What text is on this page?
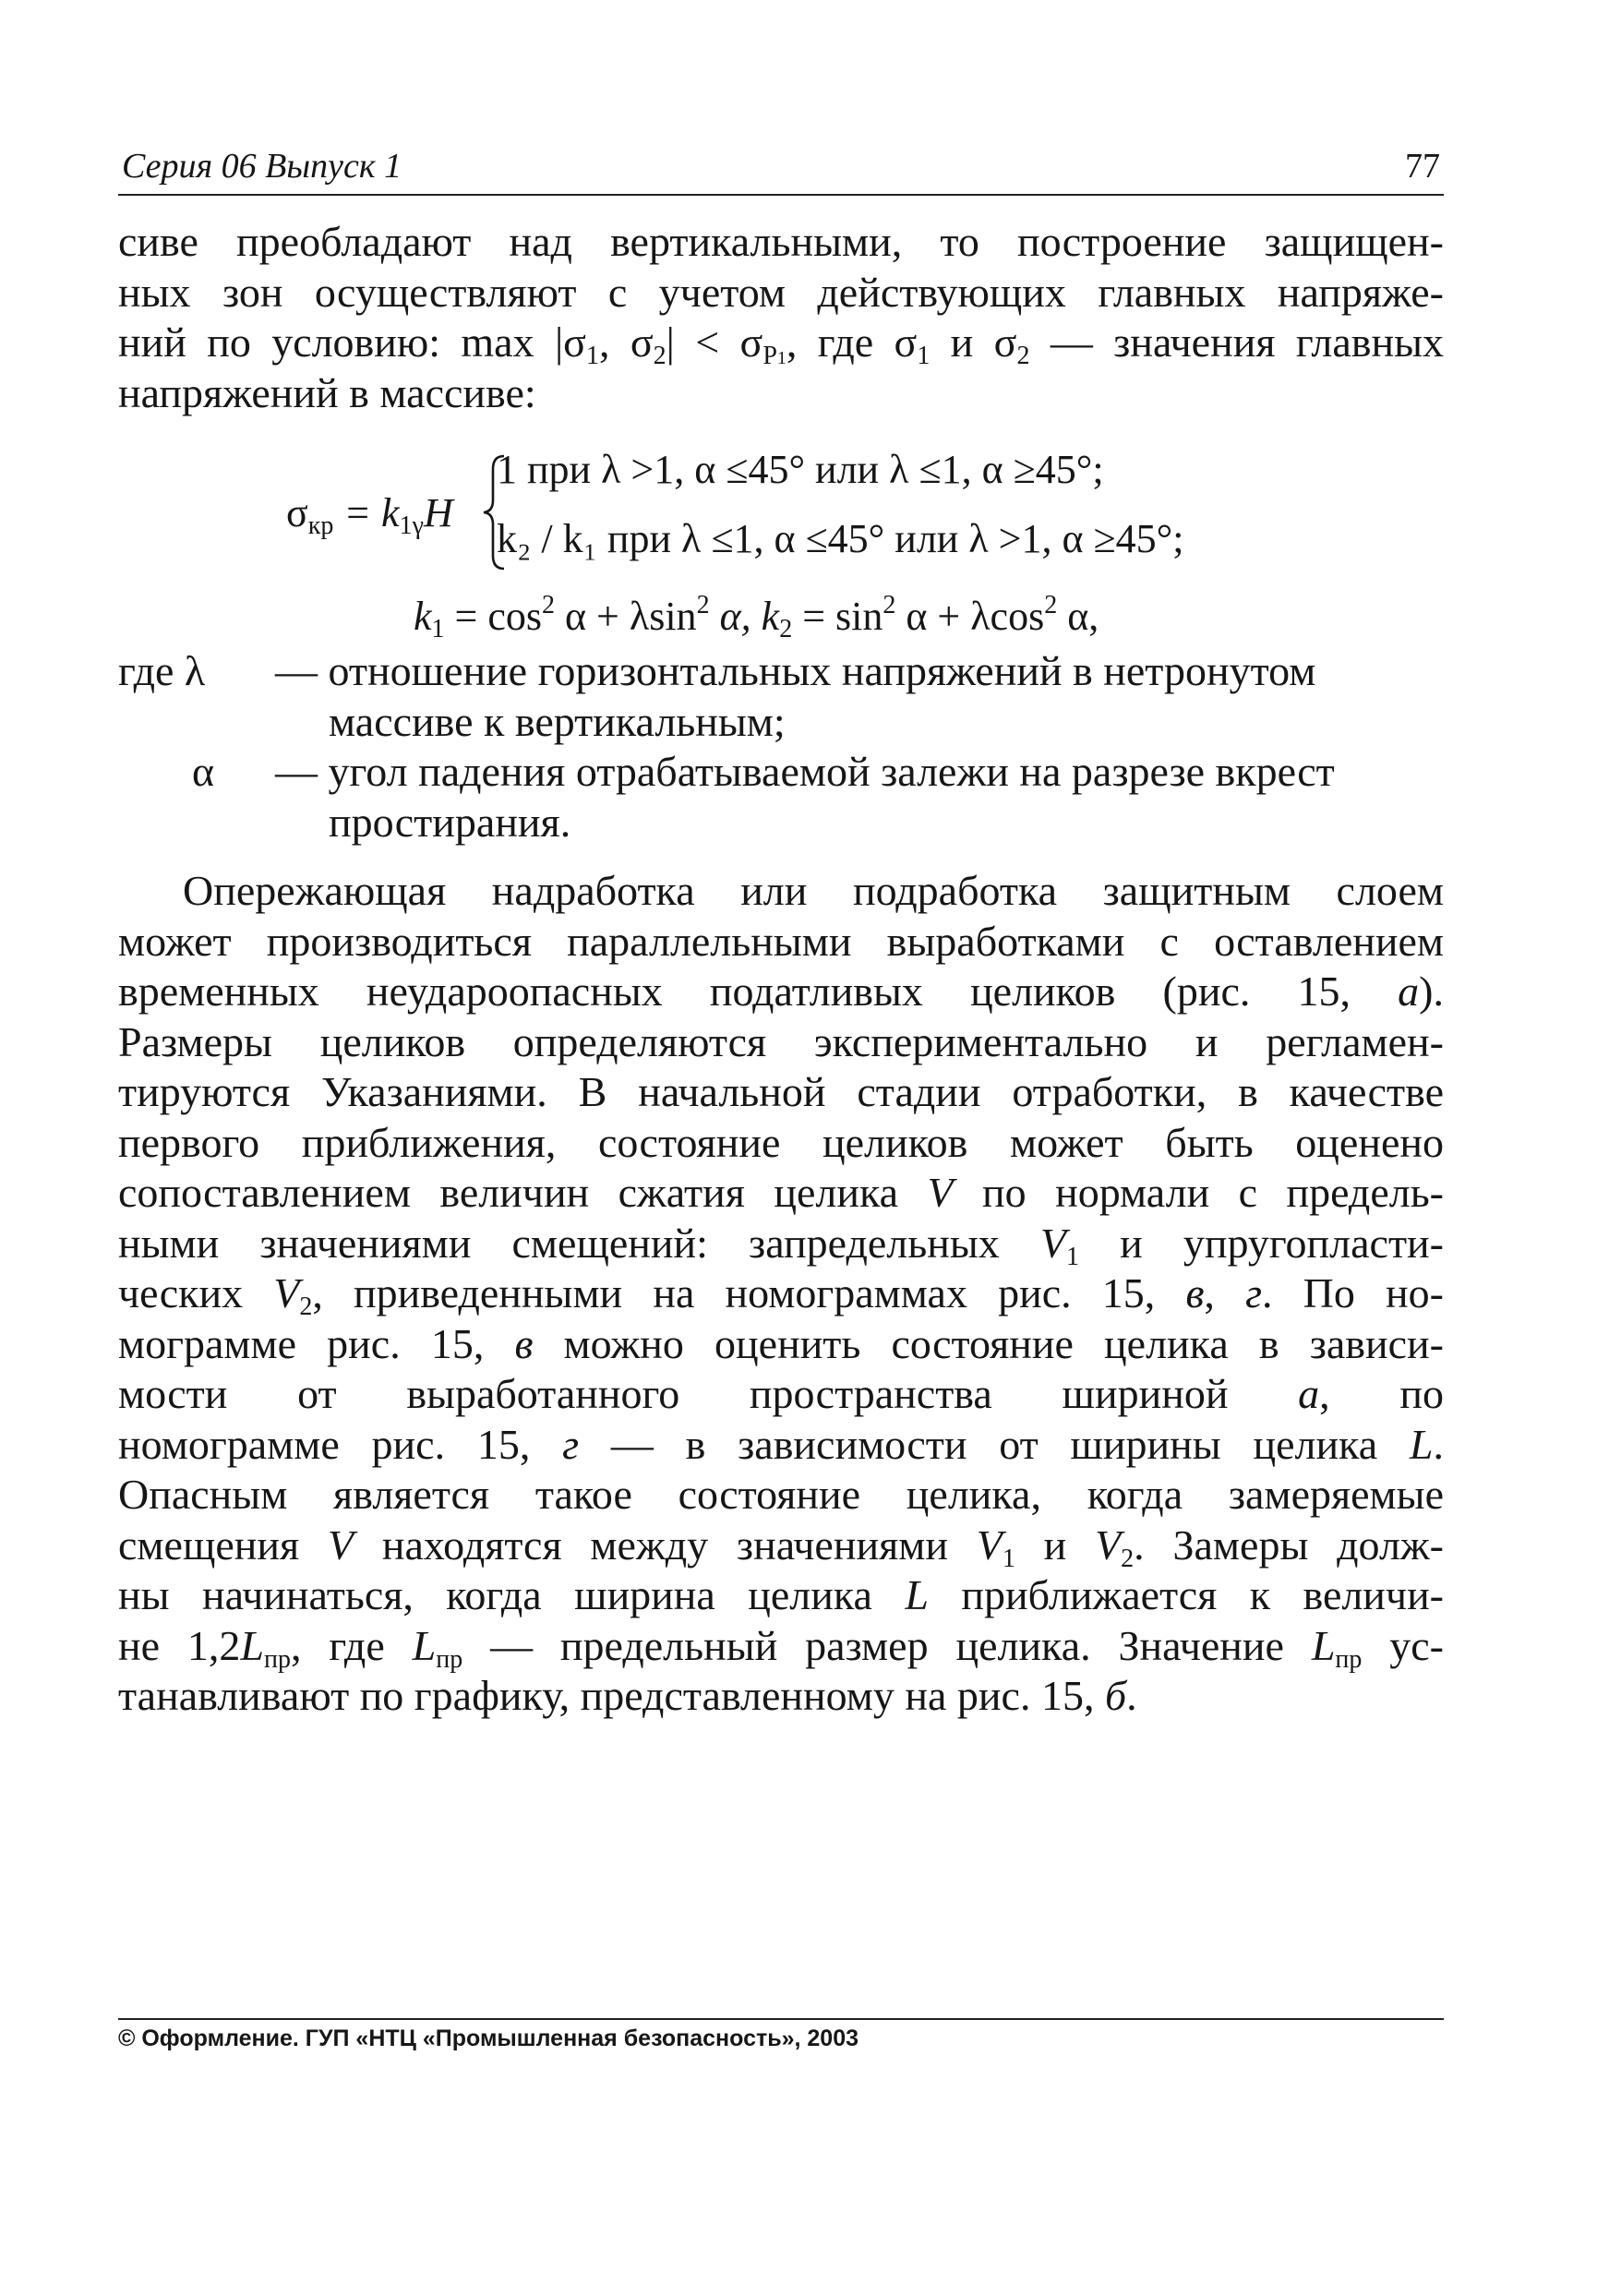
Серия 06 Выпуск 1	77
сиве преобладают над вертикальными, то построение защищен-
ных зон осуществляют с учетом действующих главных напряже-
ний по условию: $\max |\sigma_1$, $\sigma_2| < \sigma_{P1}$, где $\sigma_1$ и $\sigma_2$ — значения главных
напряжений в массиве:
$\sigma_{кр} = k_{1\gamma}H$
1 при λ >1, α ≤45° или λ ≤1, α ≥45°;
k₂ / k₁ при λ ≤1, α ≤45° или λ >1, α ≥45°;
$k_1 = \cos^2 \alpha + \lambda\sin^2$ α, $k_2 = \sin^2 \alpha + \lambda\cos^2$ α,
где λ	— отношение горизонтальных напряжений в нетронутом
массиве к вертикальным;
α	— угол падения отрабатываемой залежи на разрезе вкрест
простирания.
Опережающая надработка или подработка защитным слоем
может производиться параллельными выработками с оставлением
временных неудароопасных податливых целиков (рис. 15, а).
Размеры целиков определяются экспериментально и регламен-
тируются Указаниями. В начальной стадии отработки, в качестве
первого приближения, состояние целиков может быть оценено
сопоставлением величин сжатия целика V по нормали с предель-
ными значениями смещений: запредельных $V_1$ и упругопласти-
ческих $V_2$, приведенными на номограммах рис. 15, в, г. По но-
мограмме рис. 15, в можно оценить состояние целика в зависи-
мости от выработанного пространства шириной а, по
номограмме рис. 15, г — в зависимости от ширины целика L.
Опасным является такое состояние целика, когда замеряемые
смещения V находятся между значениями $V_1$ и $V_2$. Замеры долж-
ны начинаться, когда ширина целика L приближается к величи-
не $1,2L_{пр}$, где $L_{пр}$ — предельный размер целика. Значение $L_{пр}$ ус-
танавливают по графику, представленному на рис. 15, б.
© Оформление. ГУП «НТЦ «Промышленная безопасность», 2003
